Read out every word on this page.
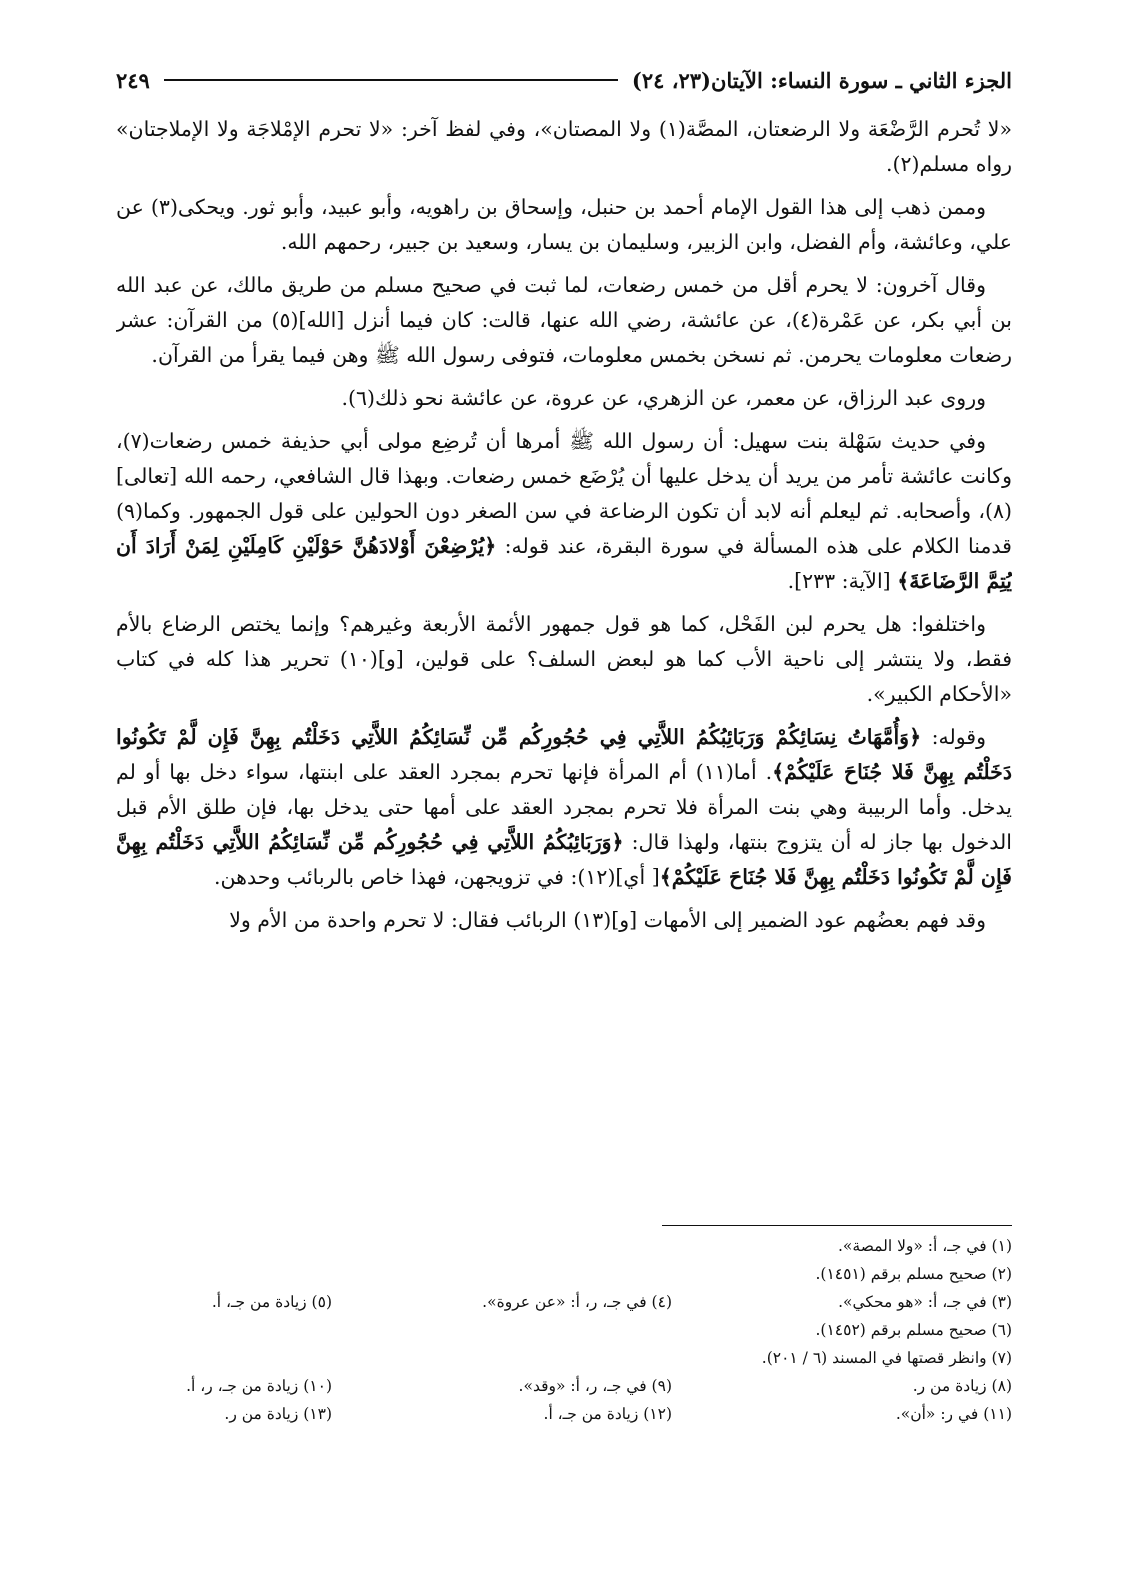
الجزء الثاني ـ سورة النساء: الآيتان(٢٣، ٢٤)
٢٤٩

«لا تُحرم الرَّضْعَة ولا الرضعتان، المصَّة(١) ولا المصتان»، وفي لفظ آخر: «لا تحرم الإمْلاجَة ولا الإملاجتان» رواه مسلم(٢).

وممن ذهب إلى هذا القول الإمام أحمد بن حنبل، وإسحاق بن راهويه، وأبو عبيد، وأبو ثور. ويحكى(٣) عن علي، وعائشة، وأم الفضل، وابن الزبير، وسليمان بن يسار، وسعيد بن جبير، رحمهم الله.

وقال آخرون: لا يحرم أقل من خمس رضعات، لما ثبت في صحيح مسلم من طريق مالك، عن عبد الله بن أبي بكر، عن عَمْرة(٤)، عن عائشة، رضي الله عنها، قالت: كان فيما أنزل [الله](٥) من القرآن: عشر رضعات معلومات يحرمن. ثم نسخن بخمس معلومات، فتوفى رسول الله ﷺ وهن فيما يقرأ من القرآن.

وروى عبد الرزاق، عن معمر، عن الزهري، عن عروة، عن عائشة نحو ذلك(٦).

وفي حديث سَهْلة بنت سهيل: أن رسول الله ﷺ أمرها أن تُرضِع مولى أبي حذيفة خمس رضعات(٧)، وكانت عائشة تأمر من يريد أن يدخل عليها أن يُرْضَع خمس رضعات. وبهذا قال الشافعي، رحمه الله [تعالى](٨)، وأصحابه. ثم ليعلم أنه لابد أن تكون الرضاعة في سن الصغر دون الحولين على قول الجمهور. وكما(٩) قدمنا الكلام على هذه المسألة في سورة البقرة، عند قوله: ﴿يُرْضِعْنَ أَوْلادَهُنَّ حَوْلَيْنِ كَامِلَيْنِ لِمَنْ أَرَادَ أَن يُتِمَّ الرَّضَاعَةَ﴾ [الآية: ٢٣٣].

واختلفوا: هل يحرم لبن الفَحْل، كما هو قول جمهور الأئمة الأربعة وغيرهم؟ وإنما يختص الرضاع بالأم فقط، ولا ينتشر إلى ناحية الأب كما هو لبعض السلف؟ على قولين، [و](١٠) تحرير هذا كله في كتاب «الأحكام الكبير».

وقوله: ﴿وَأُمَّهَاتُ نِسَائِكُمْ وَرَبَائِبُكُمُ اللاَّتِي فِي حُجُورِكُم مِّن نِّسَائِكُمُ اللاَّتِي دَخَلْتُم بِهِنَّ فَإِن لَّمْ تَكُونُوا دَخَلْتُم بِهِنَّ فَلا جُنَاحَ عَلَيْكُمْ﴾. أما(١١) أم المرأة فإنها تحرم بمجرد العقد على ابنتها، سواء دخل بها أو لم يدخل. وأما الربيبة وهي بنت المرأة فلا تحرم بمجرد العقد على أمها حتى يدخل بها، فإن طلق الأم قبل الدخول بها جاز له أن يتزوج بنتها، ولهذا قال: ﴿وَرَبَائِبُكُمُ اللاَّتِي فِي حُجُورِكُم مِّن نِّسَائِكُمُ اللاَّتِي دَخَلْتُم بِهِنَّ فَإِن لَّمْ تَكُونُوا دَخَلْتُم بِهِنَّ فَلا جُنَاحَ عَلَيْكُمْ﴾[ أي](١٢): في تزويجهن، فهذا خاص بالربائب وحدهن.

وقد فهم بعضُهم عود الضمير إلى الأمهات [و](١٣) الربائب فقال: لا تحرم واحدة من الأم ولا

(١) في جـ، أ: «ولا المصة».
(٢) صحيح مسلم برقم (١٤٥١).
(٣) في جـ، أ: «هو محكي».
(٤) في جـ، ر، أ: «عن عروة».
(٥) زيادة من جـ، أ.
(٦) صحيح مسلم برقم (١٤٥٢).
(٧) وانظر قصتها في المسند (٦ / ٢٠١).
(٨) زيادة من ر.
(٩) في جـ، ر، أ: «وقد».
(١٠) زيادة من جـ، ر، أ.
(١١) في ر: «أن».
(١٢) زيادة من جـ، أ.
(١٣) زيادة من ر.
